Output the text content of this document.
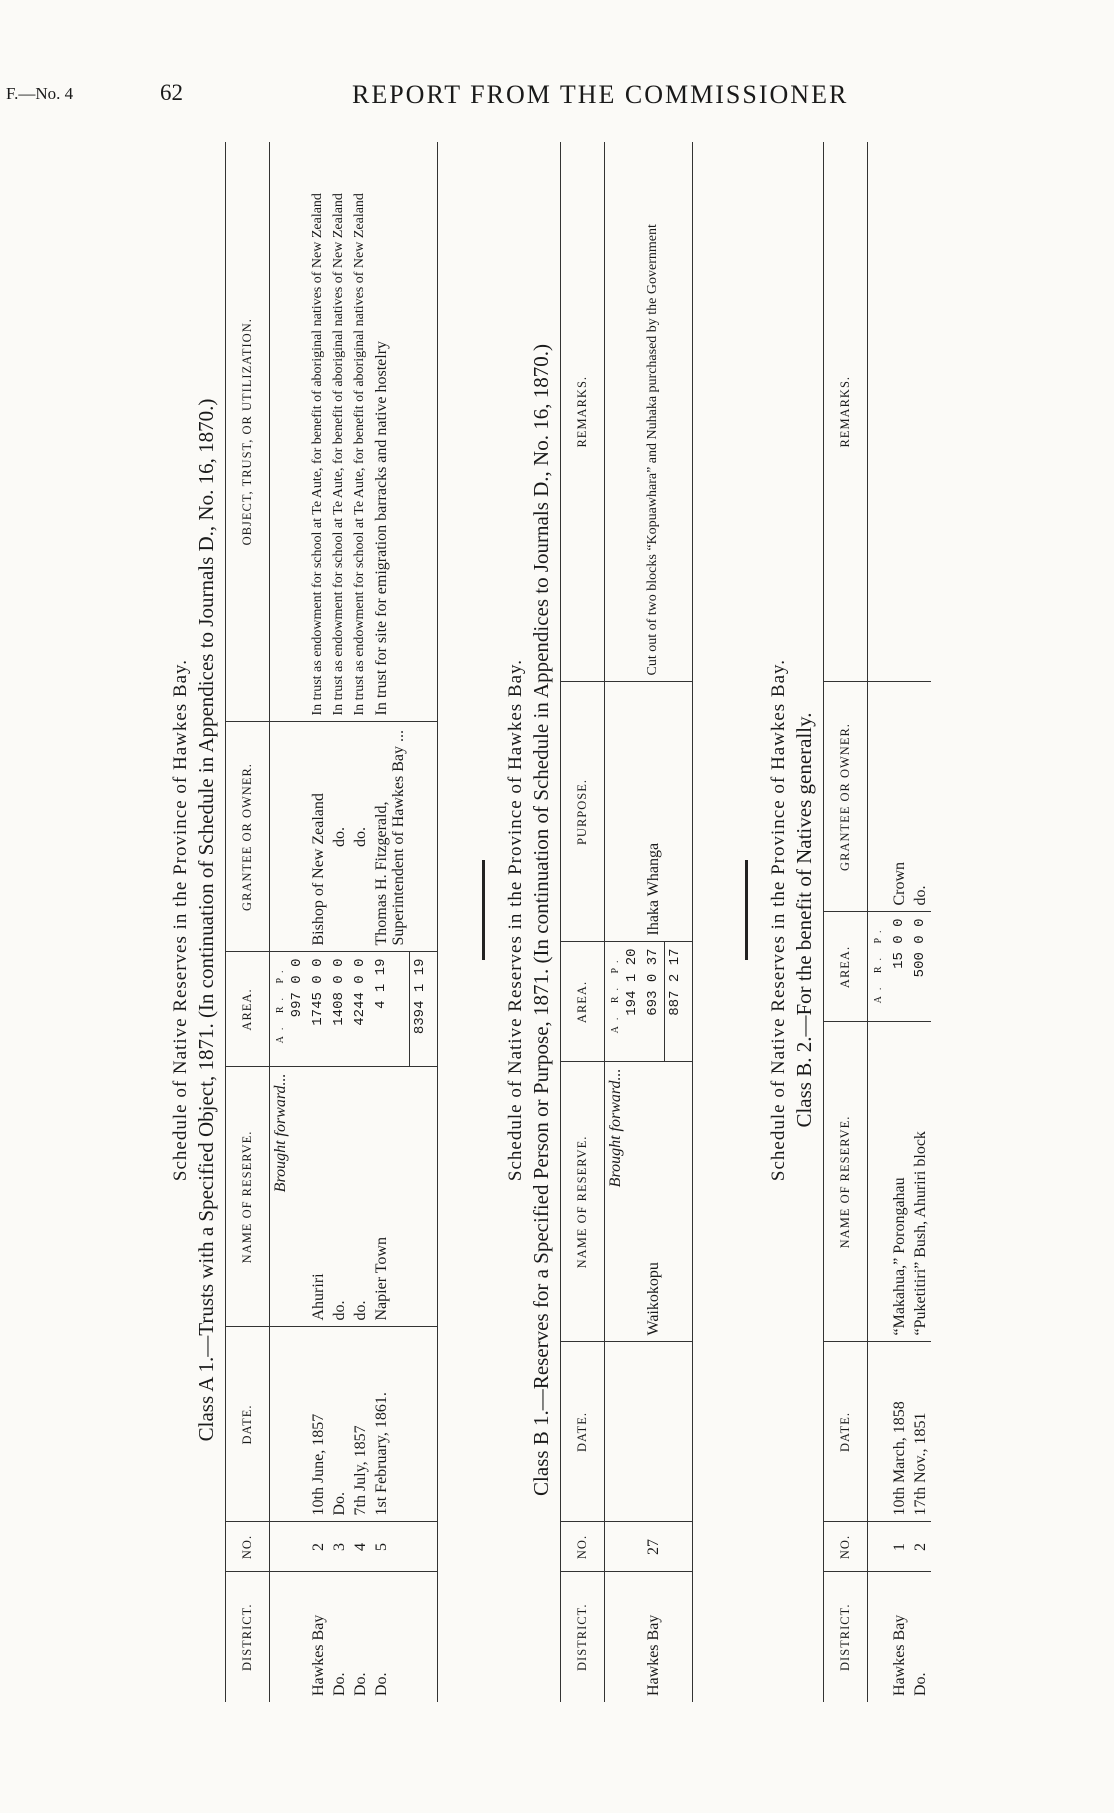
F.—No. 4	62	REPORT FROM THE COMMISSIONER
Schedule of Native Reserves in the Province of Hawkes Bay. Class A 1.—Trusts with a Specified Object, 1871. (In continuation of Schedule in Appendices to Journals D., No. 16, 1870.)
DISTRICT.	NO.	DATE.	NAME OF RESERVE.	AREA.	GRANTEE OR OWNER.	OBJECT, TRUST, OR UTILIZATION.
			Brought forward...	A. R. P. 997 0 0		

Hawkes Bay	2	10th June, 1857	Ahuriri	1745 0 0	Bishop of New Zealand	In trust as endowment for school at Te Aute, for benefit of aboriginal natives of New Zealand
Do.	3	Do.	do.	1408 0 0	do.	In trust as endowment for school at Te Aute, for benefit of aboriginal natives of New Zealand
Do.	4	7th July, 1857	do.	4244 0 0	do.	In trust as endowment for school at Te Aute, for benefit of aboriginal natives of New Zealand
Do.	5	1st February, 1861.	Napier Town	4 1 19	Thomas H. Fitzgerald, Superintendent of Hawkes Bay ...	In trust for site for emigration barracks and native hostelry
				8394 1 19		
							Schedule of Native Reserves in the Province of Hawkes Bay. Class B 1.—Reserves for a Specified Person or Purpose, 1871. (In continuation of Schedule in Appendices to Journals D., No. 16, 1870.)
DISTRICT.	NO.	DATE.	NAME OF RESERVE.	AREA.	PURPOSE.	REMARKS.
			Brought forward...	A. R. P. 194 1 20		

Hawkes Bay	27		Waikokopu	693 0 37	Ihaka Whanga	Cut out of two blocks “Kopuawhara” and Nuhaka purchased by the Government
				887 2 17		
							Schedule of Native Reserves in the Province of Hawkes Bay. Class B. 2.—For the benefit of Natives generally.
DISTRICT.	NO.	DATE.	NAME OF RESERVE.	AREA.	GRANTEE OR OWNER.	REMARKS.

				A. R. P.		

Hawkes Bay	1	10th March, 1858	“Makahua,” Porongahau	15 0 0	Crown	
Do.	2	17th Nov., 1851	“Puketitiri” Bush, Ahuriri block	500 0 0	do.	
